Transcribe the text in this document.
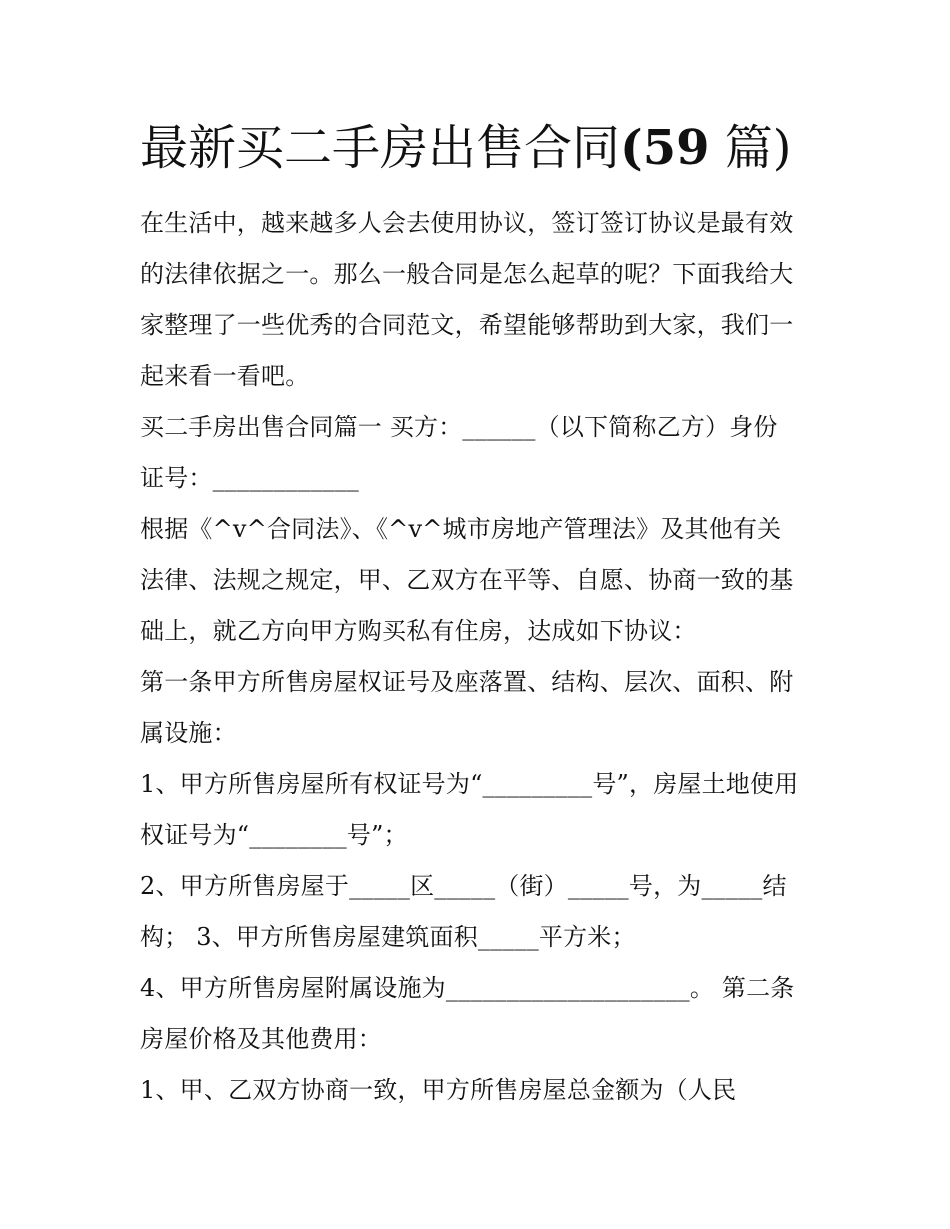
最新买二手房出售合同(59 篇)
在生活中，越来越多人会去使用协议，签订签订协议是最有效
的法律依据之一。那么一般合同是怎么起草的呢？下面我给大
家整理了一些优秀的合同范文，希望能够帮助到大家，我们一
起来看一看吧。
买二手房出售合同篇一 买方：______（以下简称乙方）身份
证号：____________
根据《^v^合同法》、《^v^城市房地产管理法》及其他有关
法律、法规之规定，甲、乙双方在平等、自愿、协商一致的基
础上，就乙方向甲方购买私有住房，达成如下协议：
第一条甲方所售房屋权证号及座落置、结构、层次、面积、附
属设施：
1、甲方所售房屋所有权证号为“_________号”，房屋土地使用
权证号为“________号”；
2、甲方所售房屋于_____区_____（街）_____号，为_____结
构； 3、甲方所售房屋建筑面积_____平方米；
4、甲方所售房屋附属设施为____________________。 第二条
房屋价格及其他费用：
1、甲、乙双方协商一致，甲方所售房屋总金额为（人民
